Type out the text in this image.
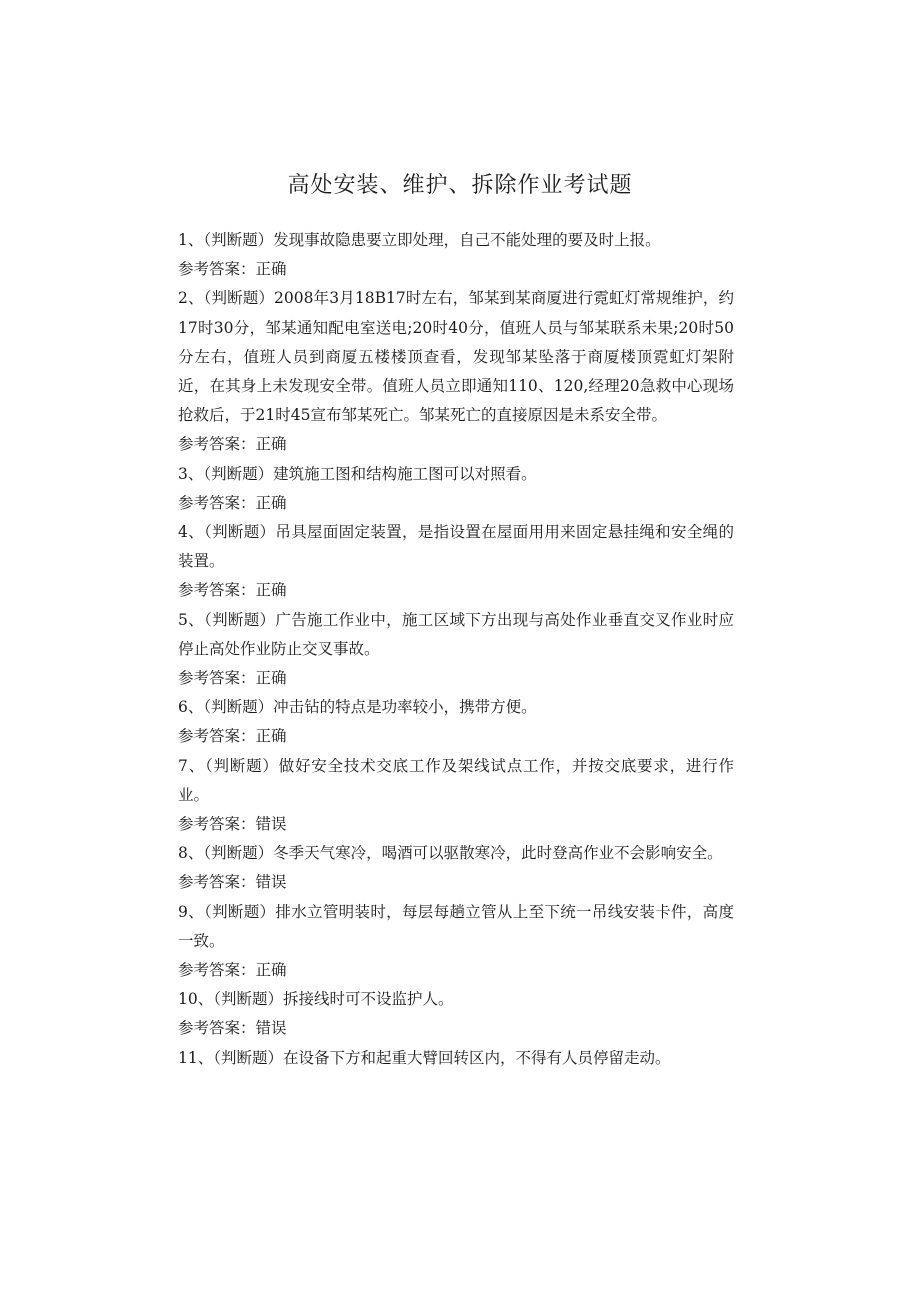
高处安装、维护、拆除作业考试题

1、（判断题）发现事故隐患要立即处理，自己不能处理的要及时上报。

参考答案：正确

2、（判断题）2008年3月18B17时左右，邹某到某商厦进行霓虹灯常规维护，约17时30分，邹某通知配电室送电;20时40分，值班人员与邹某联系未果;20时50分左右，值班人员到商厦五楼楼顶查看，发现邹某坠落于商厦楼顶霓虹灯架附近，在其身上未发现安全带。值班人员立即通知110、120,经理20急救中心现场抢救后，于21时45宣布邹某死亡。邹某死亡的直接原因是未系安全带。

参考答案：正确

3、（判断题）建筑施工图和结构施工图可以对照看。

参考答案：正确

4、（判断题）吊具屋面固定装置，是指设置在屋面用用来固定悬挂绳和安全绳的装置。

参考答案：正确

5、（判断题）广告施工作业中，施工区域下方出现与高处作业垂直交叉作业时应停止高处作业防止交叉事故。

参考答案：正确

6、（判断题）冲击钻的特点是功率较小，携带方便。

参考答案：正确

7、（判断题）做好安全技术交底工作及架线试点工作，并按交底要求，进行作业。

参考答案：错误

8、（判断题）冬季天气寒冷，喝酒可以驱散寒冷，此时登高作业不会影响安全。

参考答案：错误

9、（判断题）排水立管明装时，每层每趟立管从上至下统一吊线安装卡件，高度一致。

参考答案：正确

10、（判断题）拆接线时可不设监护人。

参考答案：错误

11、（判断题）在设备下方和起重大臂回转区内，不得有人员停留走动。
